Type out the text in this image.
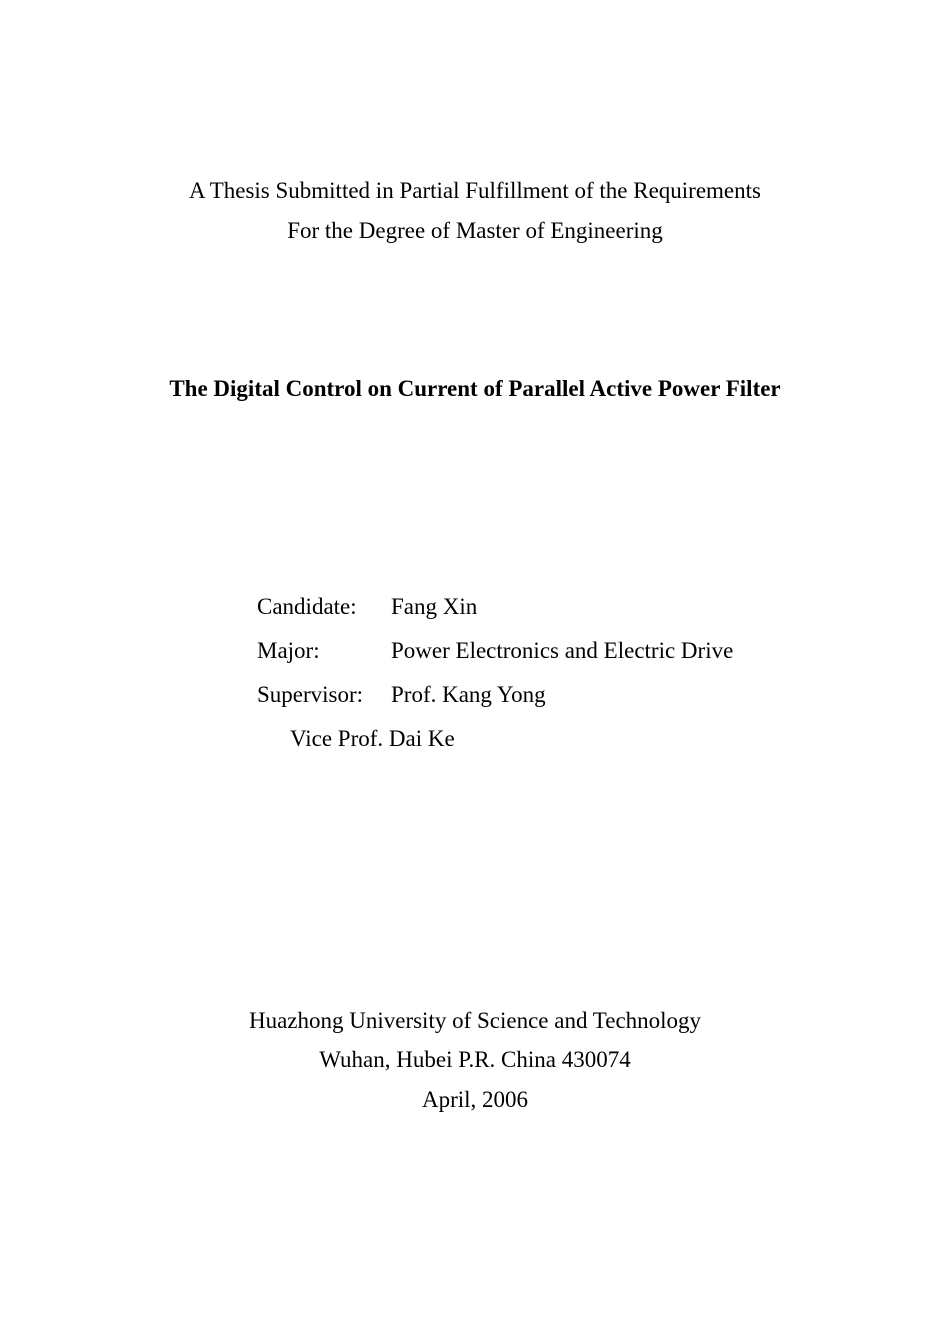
A Thesis Submitted in Partial Fulfillment of the Requirements
For the Degree of Master of Engineering
The Digital Control on Current of Parallel Active Power Filter
Candidate: Fang Xin
Major:	Power Electronics and Electric Drive
Supervisor: Prof. Kang Yong
Vice Prof. Dai Ke
Huazhong University of Science and Technology
Wuhan, Hubei P.R. China 430074
April, 2006
